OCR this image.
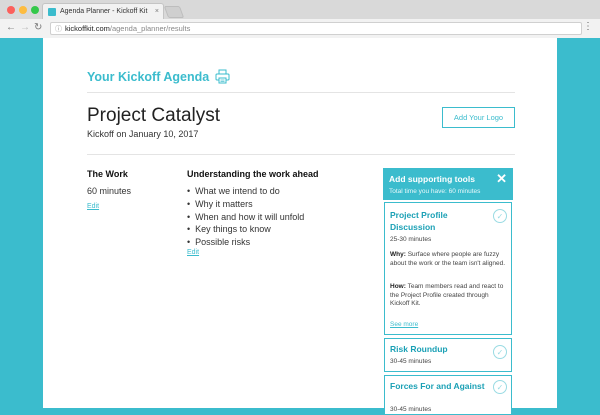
Agenda Planner - Kickoff Kit	×
← → ↻ ⓘ kickoffkit.com /agenda_planner/results	⋮
Your Kickoff Agenda
Project Catalyst
Kickoff on January 10, 2017
Add Your Logo
The Work
60 minutes
Edit
Understanding the work ahead
• What we intend to do
• Why it matters
• When and how it will unfold
• Key things to know
• Possible risks
Edit
Add supporting tools
Total time you have: 60 minutes
✕
Project Profile Discussion
✓
25-30 minutes
Why: Surface where people are fuzzy about the work or the team isn't aligned.
How: Team members read and react to the Project Profile created through Kickoff Kit.
See more
Risk Roundup	✓
30-45 minutes
Forces For and Against	✓
30-45 minutes
